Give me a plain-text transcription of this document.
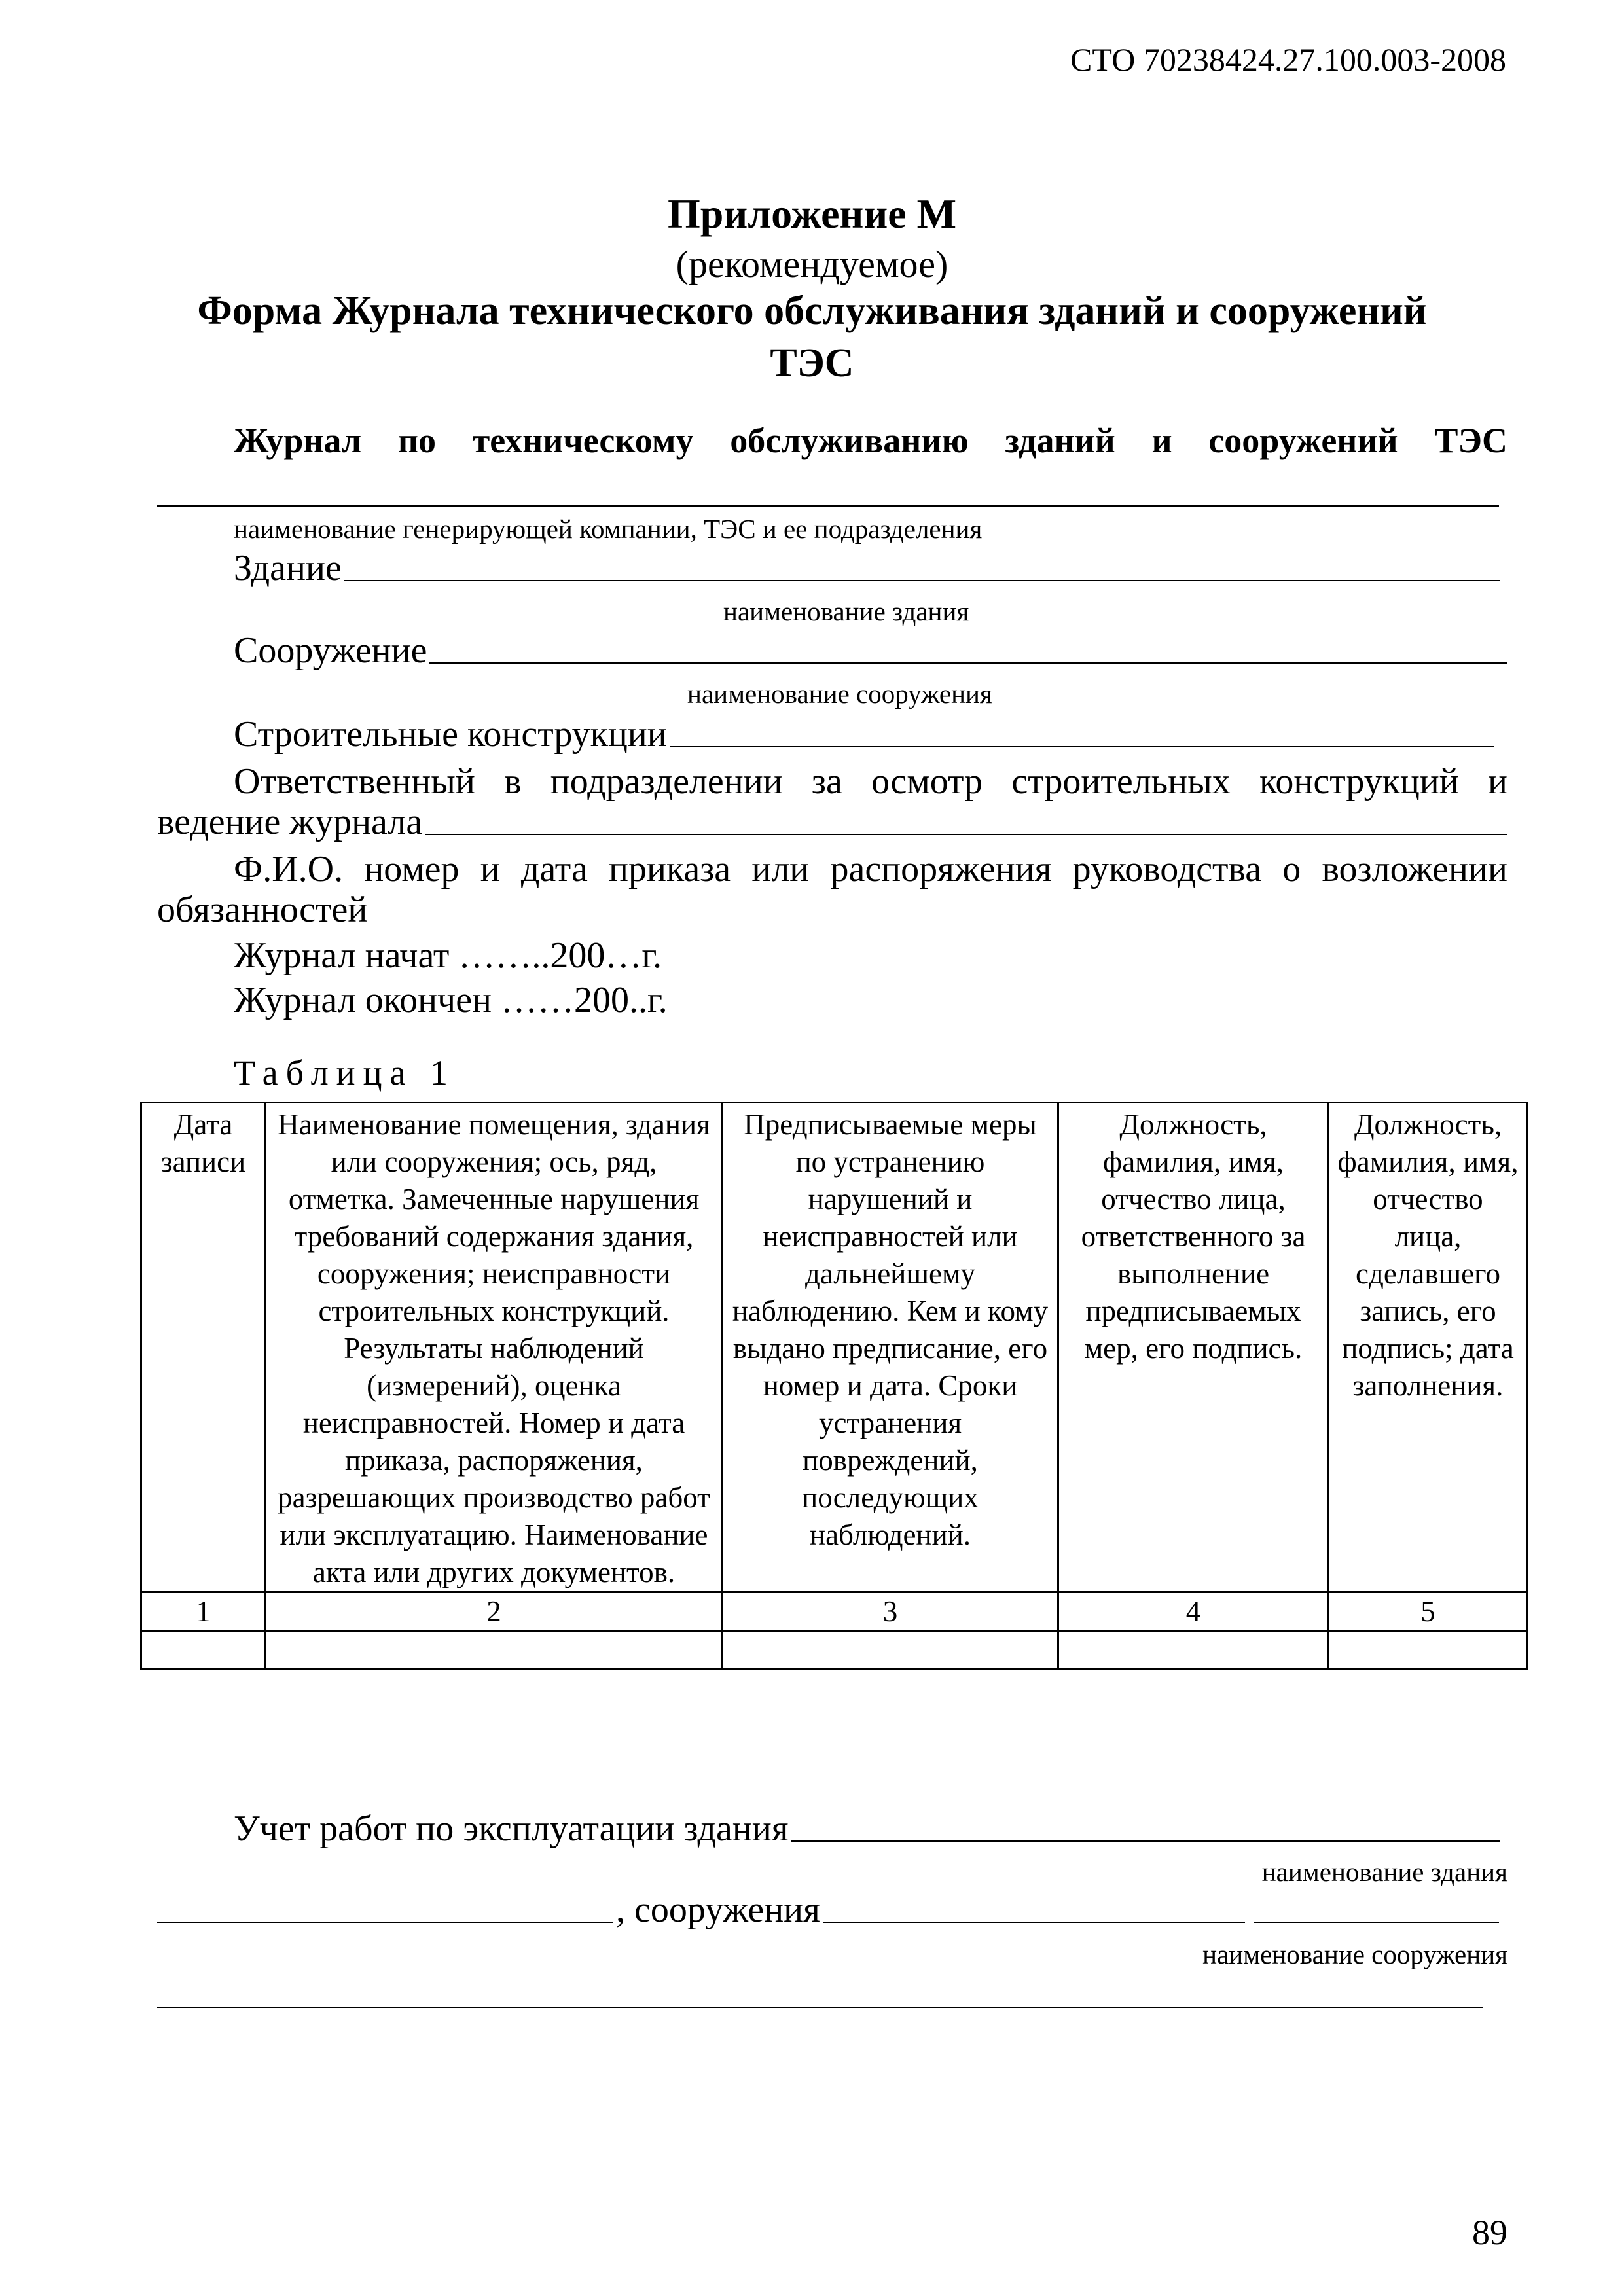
СТО 70238424.27.100.003-2008
Приложение М
(рекомендуемое)
Форма Журнала технического обслуживания зданий и сооружений
ТЭС
Журнал по техническому обслуживанию зданий и сооружений ТЭС
наименование генерирующей компании, ТЭС и ее подразделения
Здание
наименование здания
Сооружение
наименование сооружения
Строительные конструкции
Ответственный в подразделении за осмотр строительных конструкций и
ведение журнала
Ф.И.О. номер и дата приказа или распоряжения руководства о возложении
обязанностей
Журнал начат ……..200…г.
Журнал окончен ……200..г.
Таблица 1
Дата записи	Наименование помещения, здания или сооружения; ось, ряд, отметка. Замеченные нарушения требований содержания здания, сооружения; неисправности строительных конструкций. Результаты наблюдений (измерений), оценка неисправностей. Номер и дата приказа, распоряжения, разрешающих производство работ или эксплуатацию. Наименование акта или других документов.	Предписываемые меры по устранению нарушений и неисправностей или дальнейшему наблюдению. Кем и кому выдано предписание, его номер и дата. Сроки устранения повреждений, последующих наблюдений.	Должность, фамилия, имя, отчество лица, ответственного за выполнение предписываемых мер, его подпись.	Должность, фамилия, имя, отчество лица, сделавшего запись, его подпись; дата заполнения.
1	2	3	4	5

Учет работ по эксплуатации здания
наименование здания
, сооружения
наименование сооружения
89
